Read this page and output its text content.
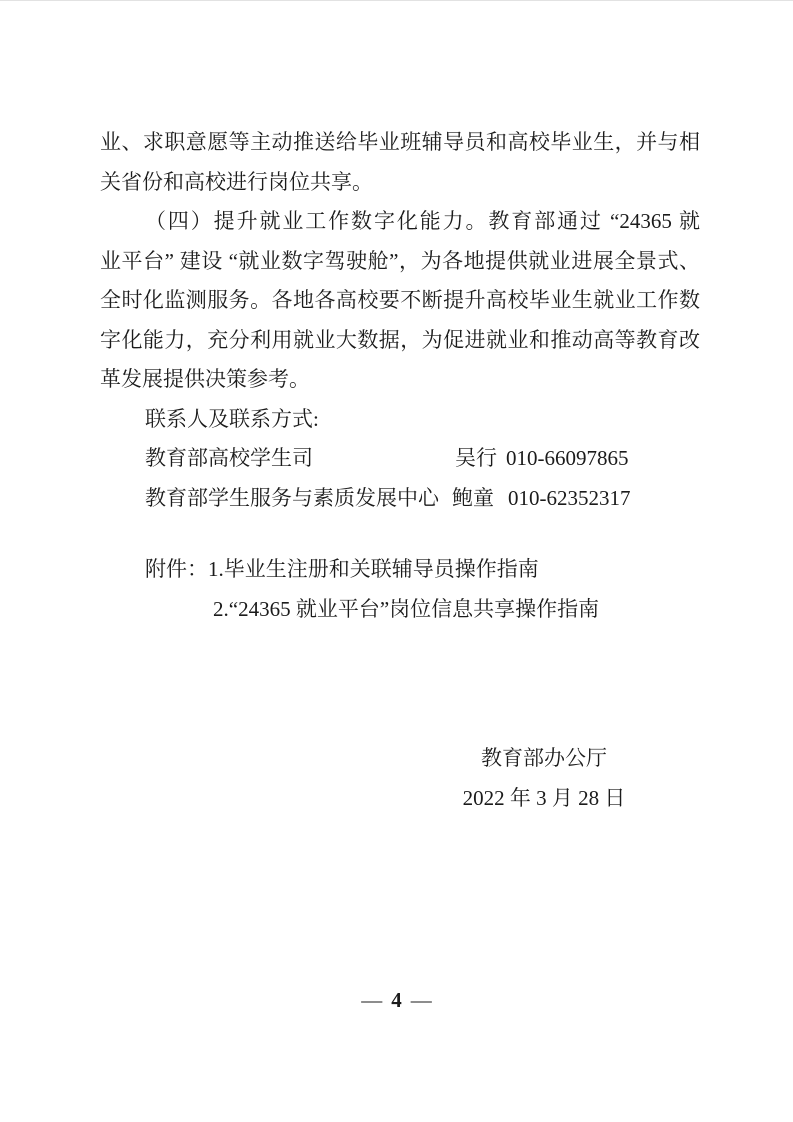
业、求职意愿等主动推送给毕业班辅导员和高校毕业生，并与相
关省份和高校进行岗位共享。
（四）提升就业工作数字化能力。教育部通过 “24365 就
业平台” 建设 “就业数字驾驶舱”，为各地提供就业进展全景式、
全时化监测服务。各地各高校要不断提升高校毕业生就业工作数
字化能力，充分利用就业大数据，为促进就业和推动高等教育改
革发展提供决策参考。
联系人及联系方式:
教育部高校学生司	吴行 010-66097865
教育部学生服务与素质发展中心 鲍童 010-62352317
附件：1.毕业生注册和关联辅导员操作指南
2.“24365 就业平台”岗位信息共享操作指南
教育部办公厅
2022 年 3 月 28 日
— 4 —
